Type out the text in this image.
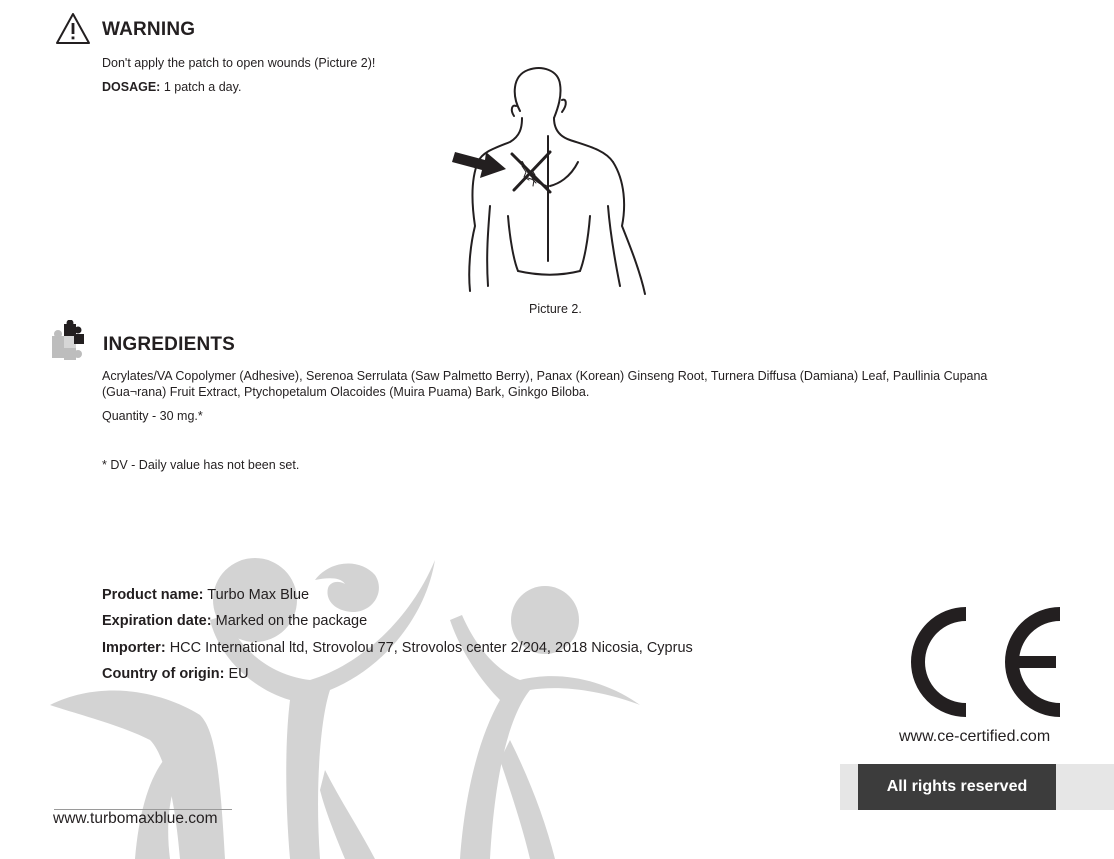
WARNING
Don't apply the patch to open wounds (Picture 2)!
DOSAGE: 1 patch a day.
Picture 2.
INGREDIENTS
Acrylates/VA Copolymer (Adhesive), Serenoa Serrulata (Saw Palmetto Berry), Panax (Korean) Ginseng Root, Turnera Diffusa (Damiana) Leaf, Paullinia Cupana
(Gua¬rana) Fruit Extract, Ptychopetalum Olacoides (Muira Puama) Bark, Ginkgo Biloba.
Quantity - 30 mg.*
* DV - Daily value has not been set.
Product name: Turbo Max Blue
Expiration date: Marked on the package
Importer: HCC International ltd, Strovolou 77, Strovolos center 2/204, 2018 Nicosia, Cyprus
Country of origin: EU
www.turbomaxblue.com
www.ce-certified.com
All rights reserved
